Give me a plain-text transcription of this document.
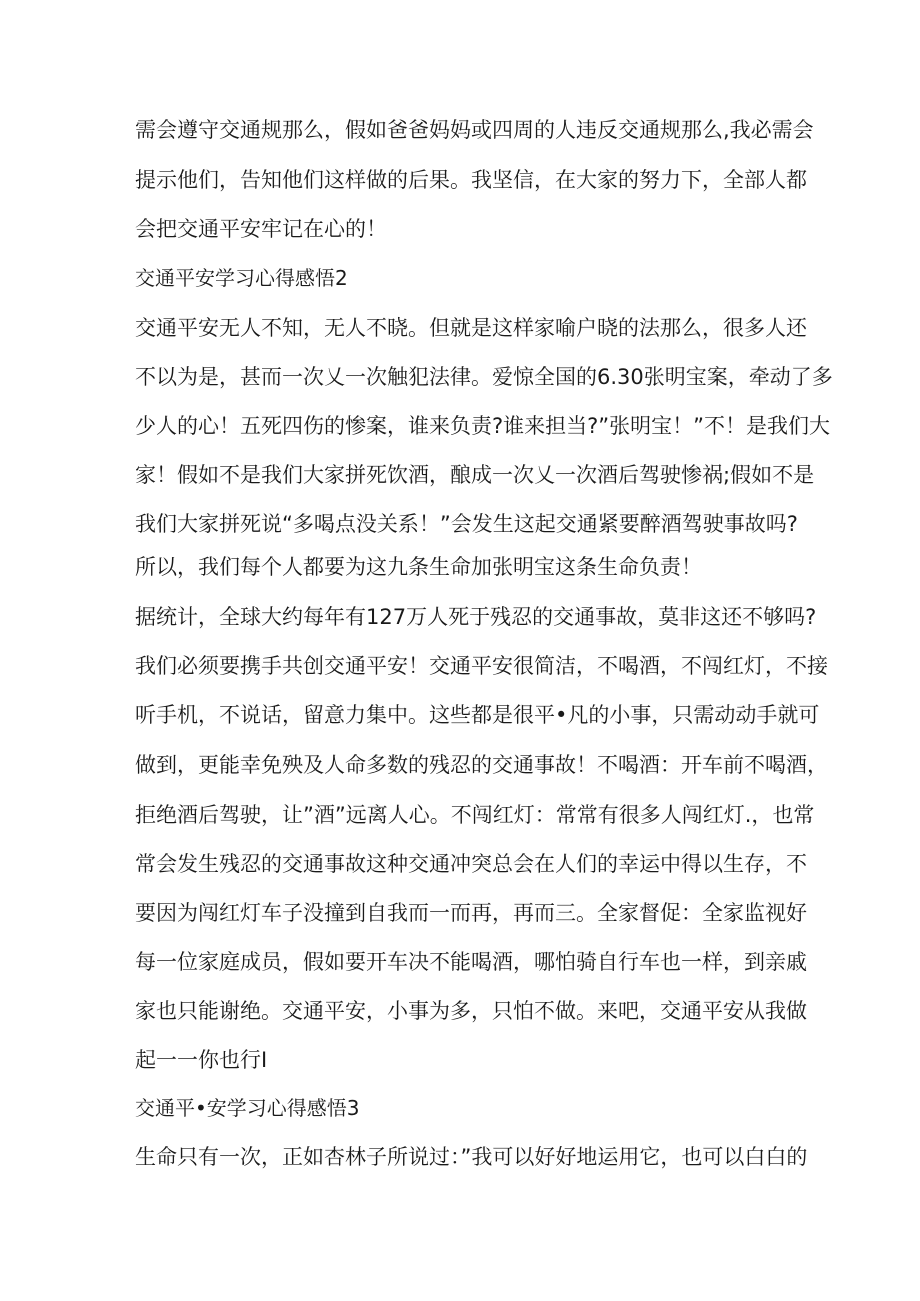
需会遵守交通规那么，假如爸爸妈妈或四周的人违反交通规那么,我必需会
提示他们，告知他们这样做的后果。我坚信，在大家的努力下，全部人都
会把交通平安牢记在心的！
交通平安学习心得感悟2
交通平安无人不知，无人不晓。但就是这样家喻户晓的法那么，很多人还
不以为是，甚而一次乂一次触犯法律。爱惊全国的6.30张明宝案，牵动了多
少人的心！五死四伤的惨案，谁来负责?谁来担当?”张明宝！”不！是我们大
家！假如不是我们大家拼死饮酒，酿成一次乂一次酒后驾驶惨祸;假如不是
我们大家拼死说“多喝点没关系！”会发生这起交通紧要醉酒驾驶事故吗?
所以，我们每个人都要为这九条生命加张明宝这条生命负责！
据统计，全球大约每年有127万人死于残忍的交通事故，莫非这还不够吗?
我们必须要携手共创交通平安！交通平安很简洁，不喝酒，不闯红灯，不接
听手机，不说话，留意力集中。这些都是很平•凡的小事，只需动动手就可
做到，更能幸免殃及人命多数的残忍的交通事故！不喝酒：开车前不喝酒，
拒绝酒后驾驶，让”酒”远离人心。不闯红灯：常常有很多人闯红灯.，也常
常会发生残忍的交通事故这种交通冲突总会在人们的幸运中得以生存，不
要因为闯红灯车子没撞到自我而一而再，再而三。全家督促：全家监视好
每一位家庭成员，假如要开车决不能喝酒，哪怕骑自行车也一样，到亲戚
家也只能谢绝。交通平安，小事为多，只怕不做。来吧，交通平安从我做
起一一你也行I
交通平•安学习心得感悟3
生命只有一次，正如杏林子所说过：”我可以好好地运用它，也可以白白的
